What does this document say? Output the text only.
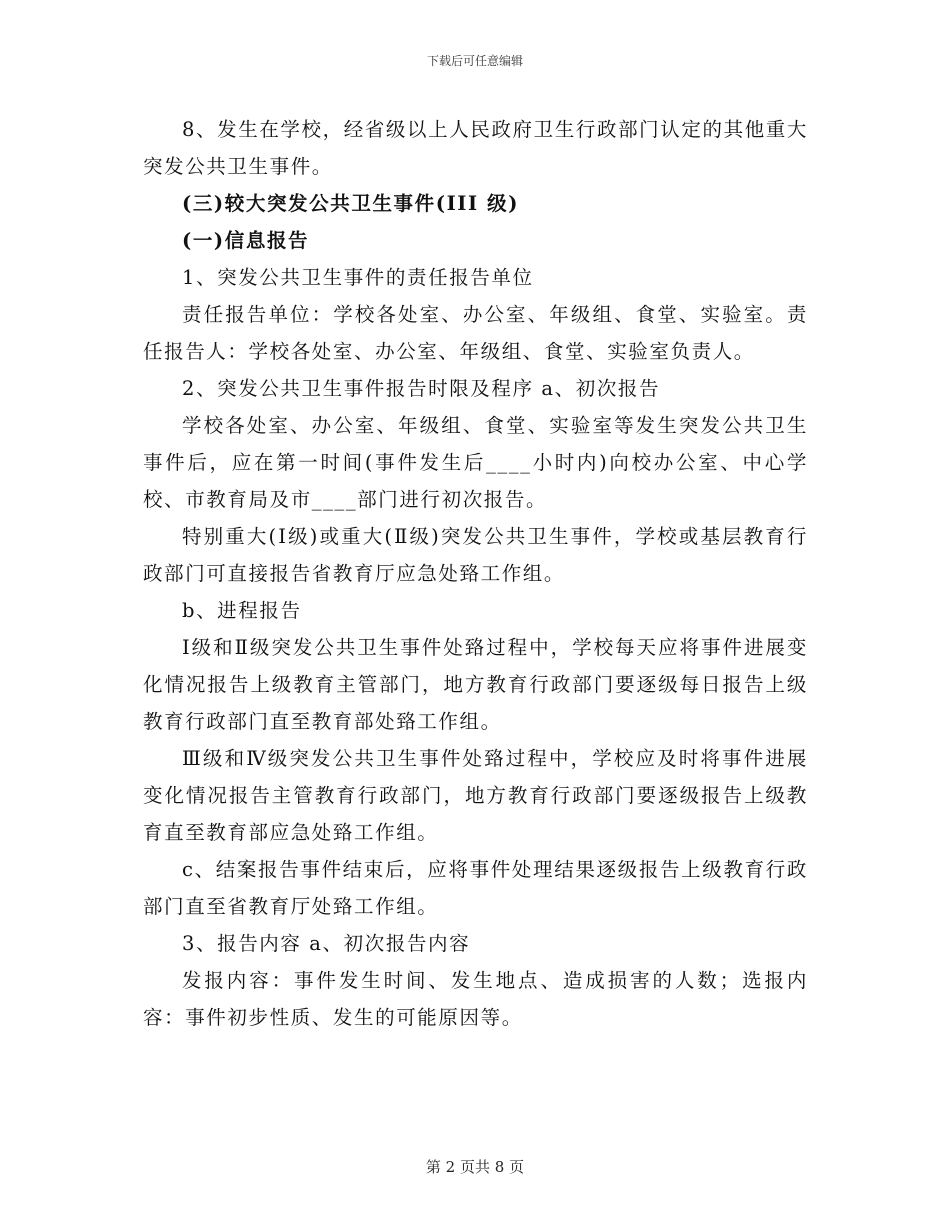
下载后可任意编辑

8、发生在学校，经省级以上人民政府卫生行政部门认定的其他重大突发公共卫生事件。

(三)较大突发公共卫生事件(III 级)

(一)信息报告

1、突发公共卫生事件的责任报告单位

责任报告单位：学校各处室、办公室、年级组、食堂、实验室。责任报告人：学校各处室、办公室、年级组、食堂、实验室负责人。

2、突发公共卫生事件报告时限及程序 a、初次报告

学校各处室、办公室、年级组、食堂、实验室等发生突发公共卫生事件后，应在第一时间(事件发生后____小时内)向校办公室、中心学校、市教育局及市____部门进行初次报告。

特别重大(Ⅰ级)或重大(Ⅱ级)突发公共卫生事件，学校或基层教育行政部门可直接报告省教育厅应急处臵工作组。

b、进程报告

Ⅰ级和Ⅱ级突发公共卫生事件处臵过程中，学校每天应将事件进展变化情况报告上级教育主管部门，地方教育行政部门要逐级每日报告上级教育行政部门直至教育部处臵工作组。

Ⅲ级和Ⅳ级突发公共卫生事件处臵过程中，学校应及时将事件进展变化情况报告主管教育行政部门，地方教育行政部门要逐级报告上级教育直至教育部应急处臵工作组。

c、结案报告事件结束后，应将事件处理结果逐级报告上级教育行政部门直至省教育厅处臵工作组。

3、报告内容 a、初次报告内容

发报内容：事件发生时间、发生地点、造成损害的人数；选报内容：事件初步性质、发生的可能原因等。

第 2 页共 8 页
